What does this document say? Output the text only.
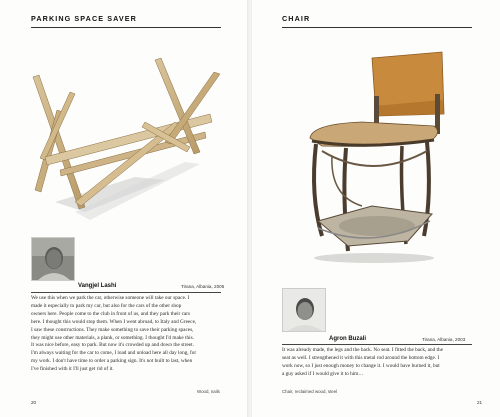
PARKING SPACE SAVER
Vangjel Lashi	Tirana, Albania, 2005

We use this when we park the car, otherwise someone will take our space. I

made it especially to park my car, but also for the cars of the other shop

owners here. People come to the club in front of us, and they park their cars

here. I thought this would stop them. When I went abroad, to Italy and Greece,

I saw these constructions. They make something to save their parking spaces,

they might use other materials, a plank, or something. I thought I'd make this.

It was nice before, easy to park. But now it's crowded up and down the street.

I'm always waiting for the car to come, I load and unload here all day long, for

my work. I don't have time to order a parking sign. It's not built to last, when

I've finished with it I'll just get rid of it.

Wood, nails
20
CHAIR
Agron Buzali	Tirana, Albania, 2003

It was already made, the legs and the back. No seat. I fitted the back, and the

seat as well. I strengthened it with this metal rod around the bottom edge. I

work now, so I just enough money to change it. I would have burned it, but

a guy asked if I would give it to him…

Chair, reclaimed wood, steel
21
